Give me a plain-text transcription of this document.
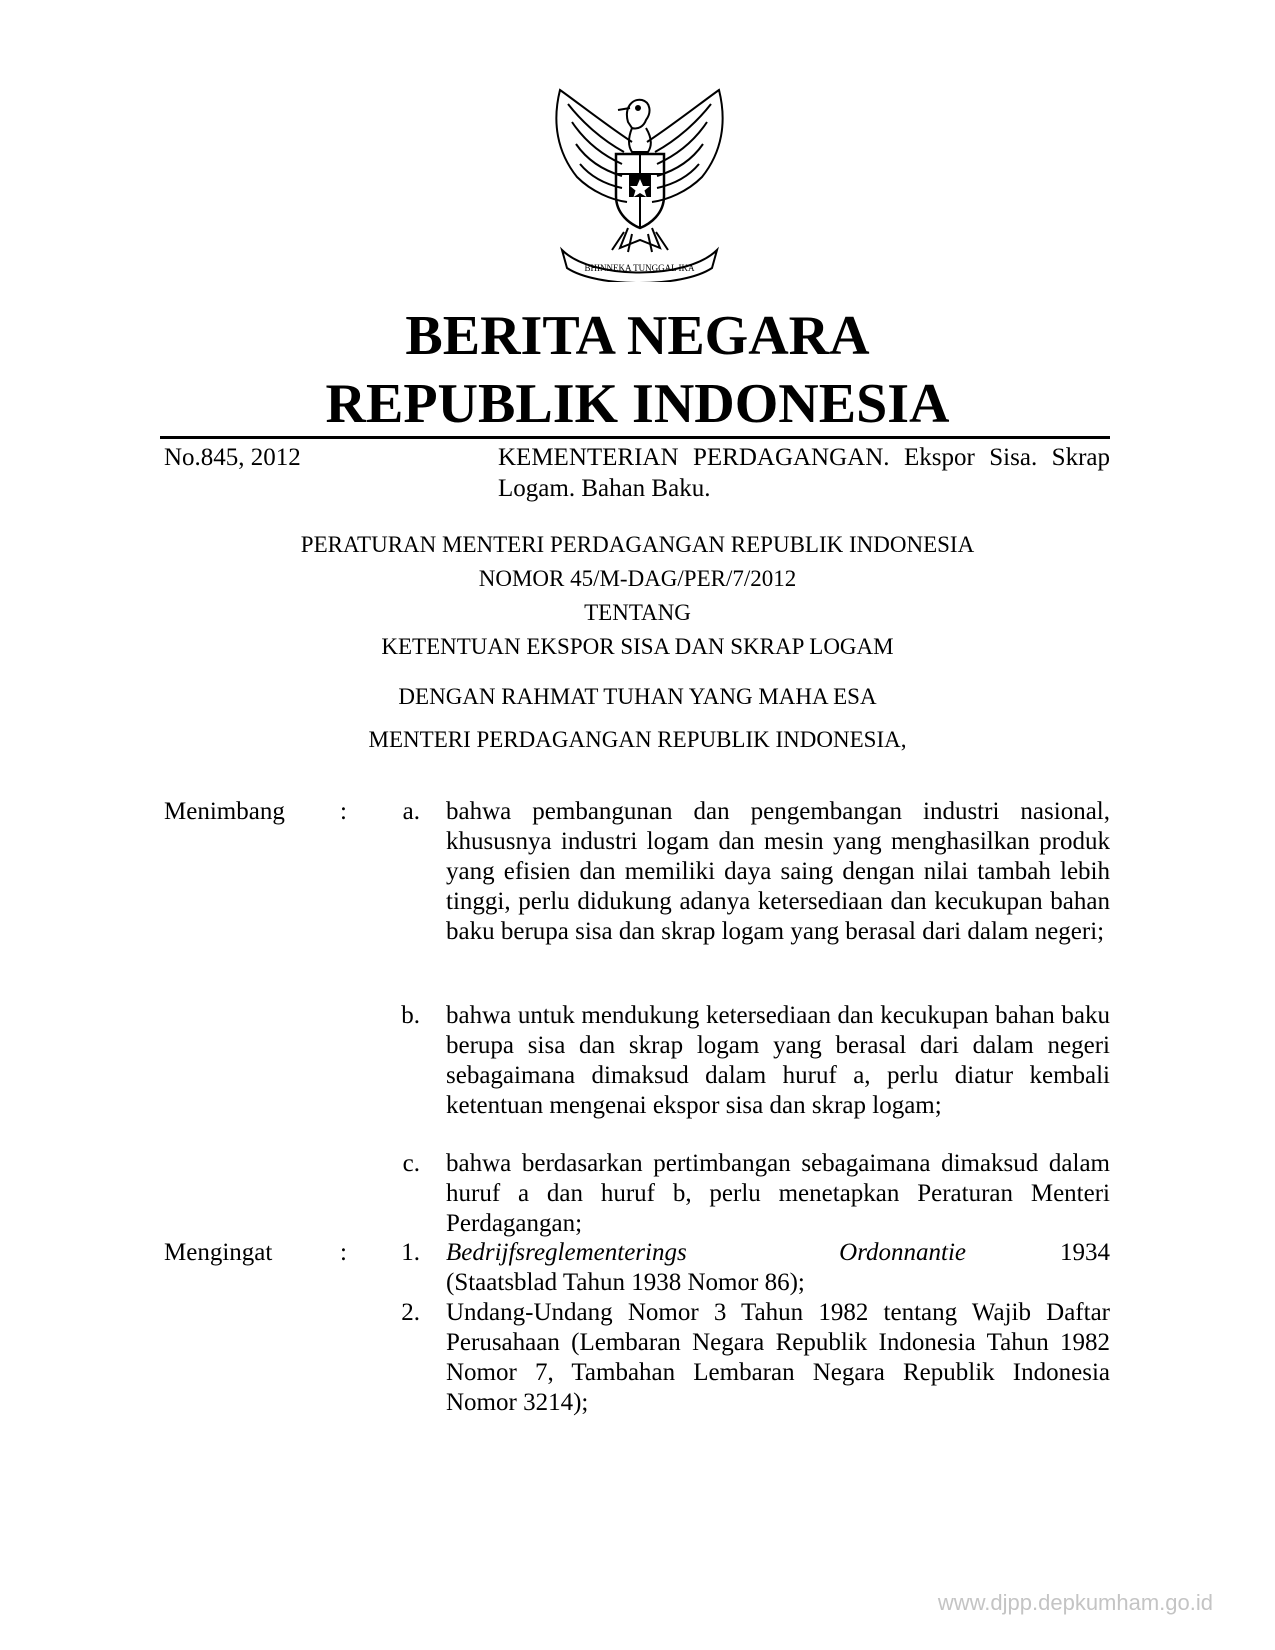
BHINNEKA TUNGGAL IKA
BERITA NEGARA
REPUBLIK INDONESIA
No.845, 2012	KEMENTERIAN PERDAGANGAN. Ekspor Sisa. Skrap Logam. Bahan Baku.
PERATURAN MENTERI PERDAGANGAN REPUBLIK INDONESIA
NOMOR 45/M-DAG/PER/7/2012
TENTANG
KETENTUAN EKSPOR SISA DAN SKRAP LOGAM
DENGAN RAHMAT TUHAN YANG MAHA ESA
MENTERI PERDAGANGAN REPUBLIK INDONESIA,
Menimbang :	a. bahwa pembangunan dan pengembangan industri nasional, khususnya industri logam dan mesin yang menghasilkan produk yang efisien dan memiliki daya saing dengan nilai tambah lebih tinggi, perlu didukung adanya ketersediaan dan kecukupan bahan baku berupa sisa dan skrap logam yang berasal dari dalam negeri;

b. bahwa untuk mendukung ketersediaan dan kecukupan bahan baku berupa sisa dan skrap logam yang berasal dari dalam negeri sebagaimana dimaksud dalam huruf a, perlu diatur kembali ketentuan mengenai ekspor sisa dan skrap logam;

c. bahwa berdasarkan pertimbangan sebagaimana dimaksud dalam huruf a dan huruf b, perlu menetapkan Peraturan Menteri Perdagangan;

Mengingat	:	1. Bedrijfsreglementerings	Ordonnantie	1934
(Staatsblad Tahun 1938 Nomor 86);
2. Undang-Undang Nomor 3 Tahun 1982 tentang Wajib Daftar Perusahaan (Lembaran Negara Republik Indonesia Tahun 1982 Nomor 7, Tambahan Lembaran Negara Republik Indonesia Nomor 3214);

www.djpp.depkumham.go.id
